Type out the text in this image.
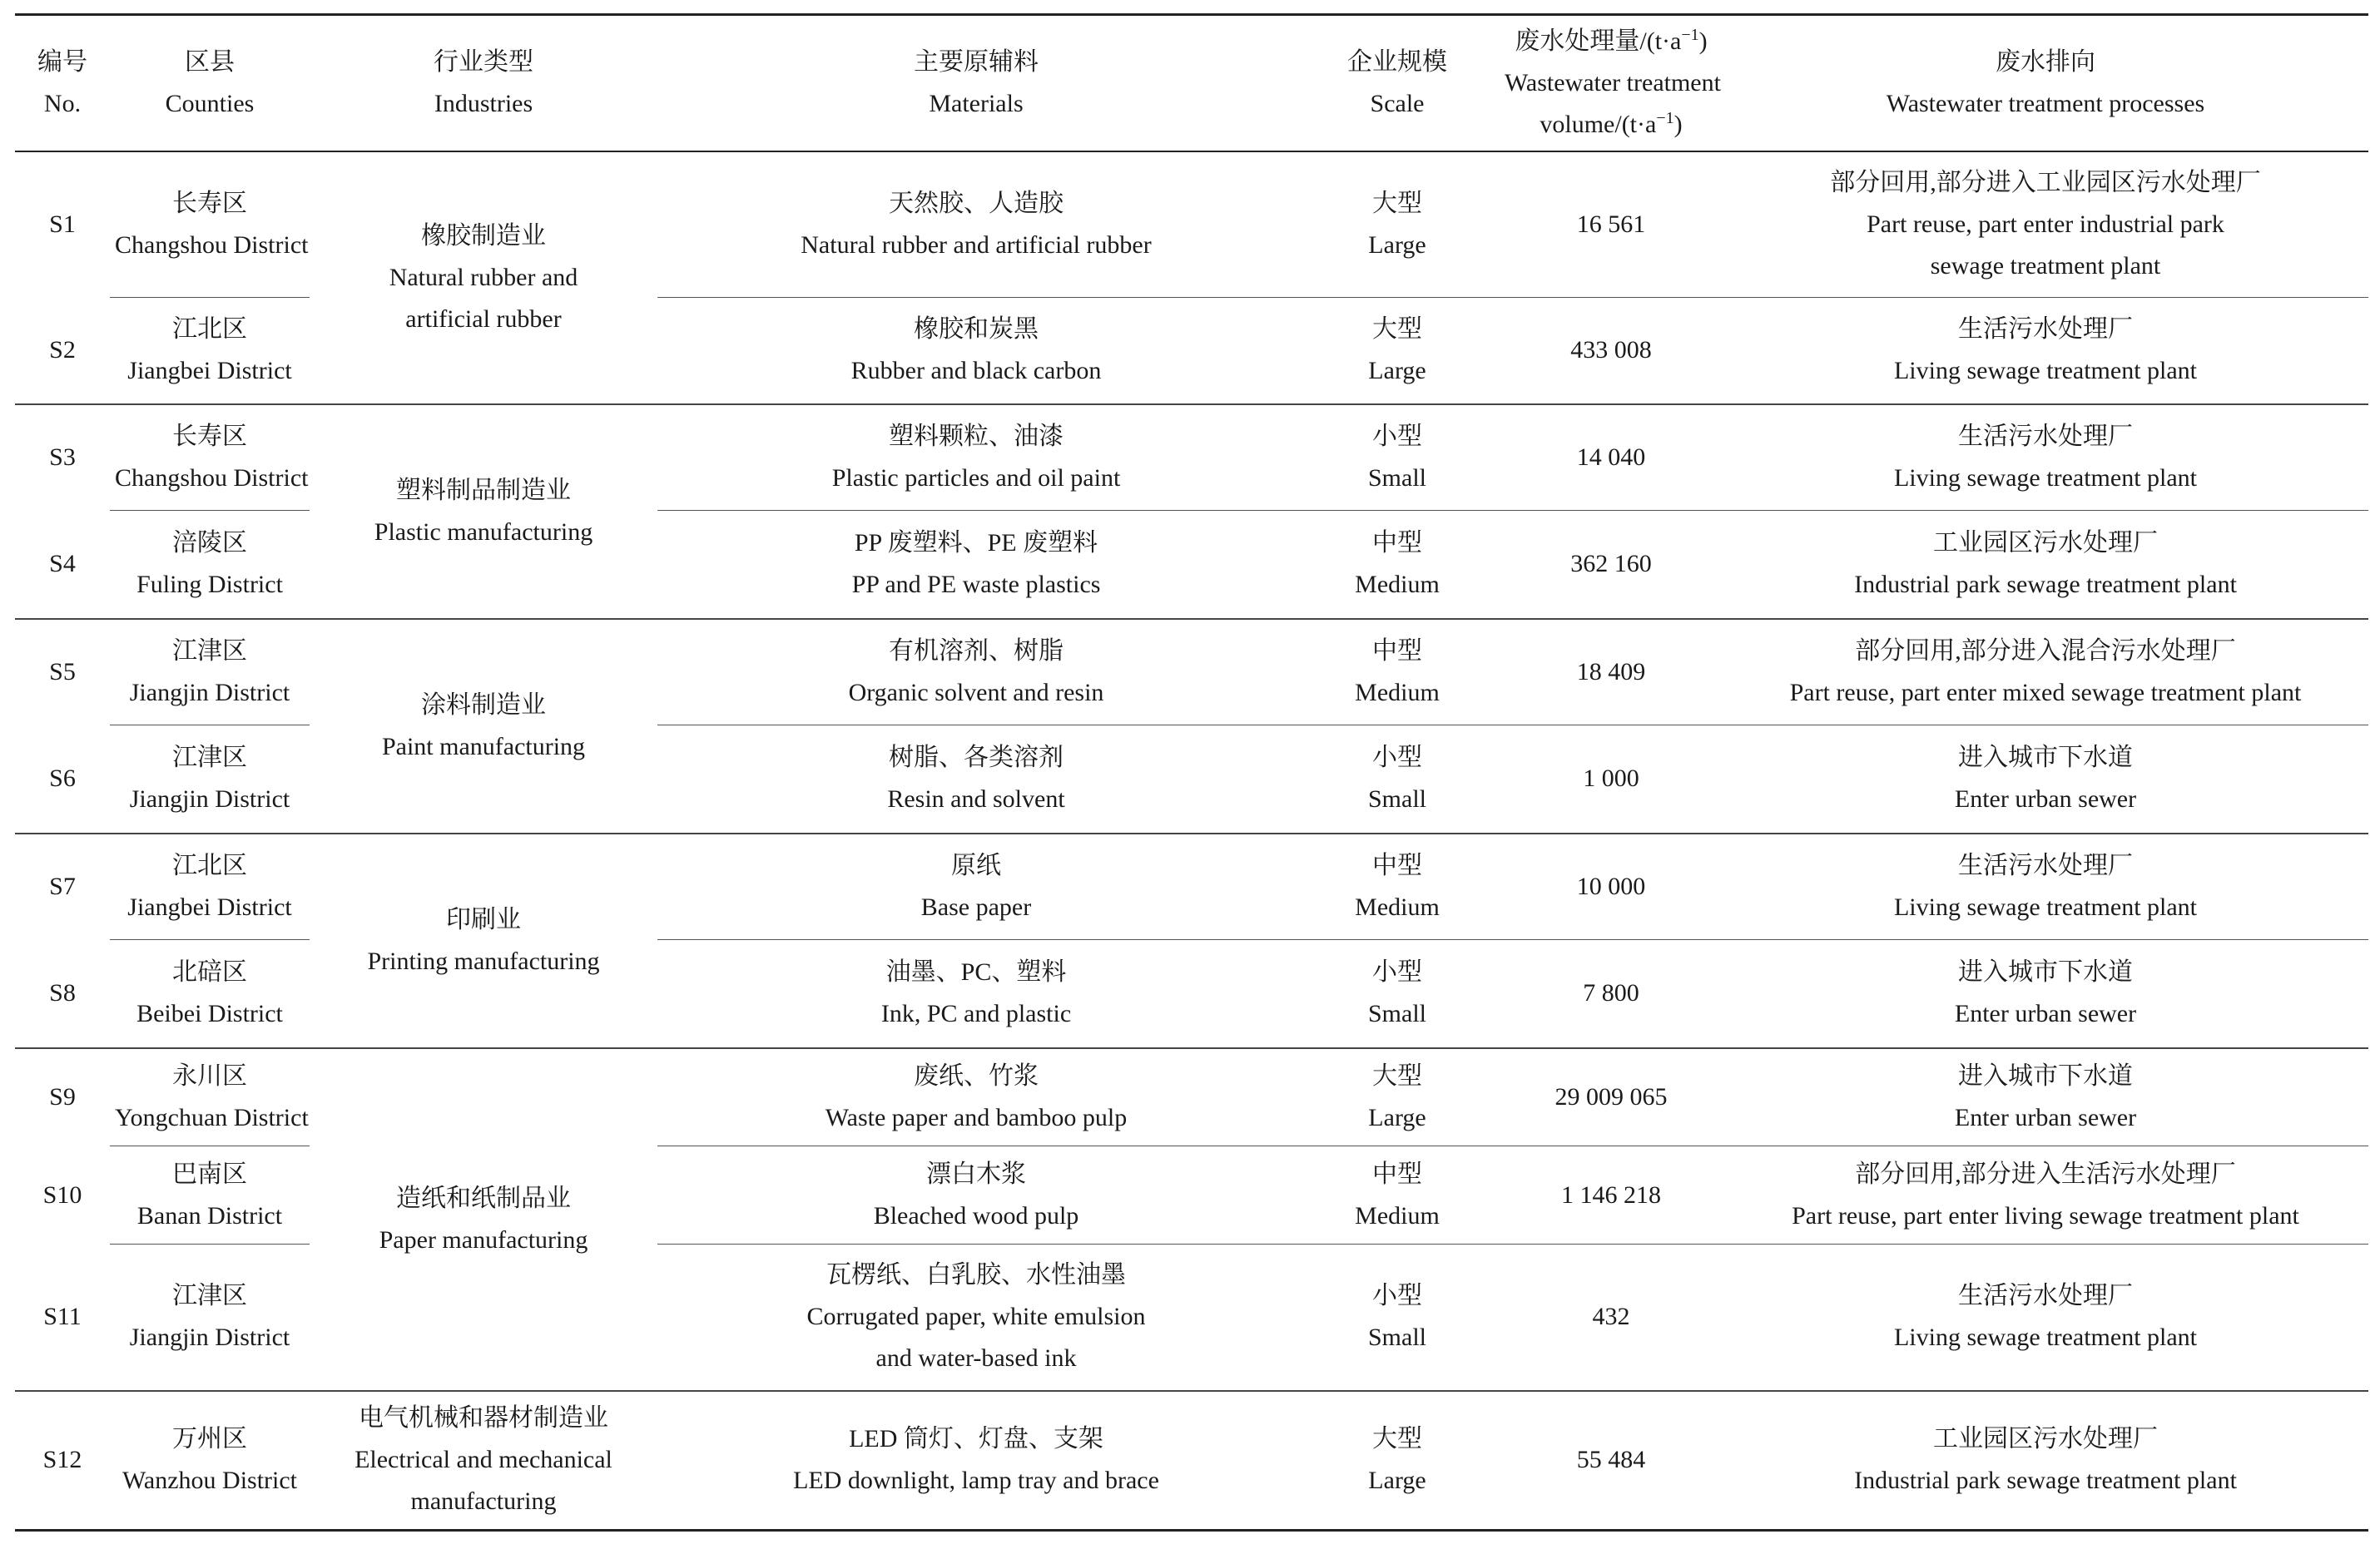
编号
No.	区县
Counties	行业类型
Industries	主要原辅料
Materials	企业规模
Scale	废水处理量$/(t\cdot a^{-1})$
Wastewater treatment
volume/$(t\cdot a^{-1})$	废水排向
Wastewater treatment processes

S1	长寿区
Changshou District	橡胶制造业
Natural rubber and
artificial rubber	天然胶、人造胶
Natural rubber and artificial rubber	大型
Large	16 561	部分回用,部分进入工业园区污水处理厂
Part reuse, part enter industrial park
sewage treatment plant

S2	江北区
Jiangbei District		橡胶和炭黑
Rubber and black carbon	大型
Large	433 008	生活污水处理厂
Living sewage treatment plant

S3	长寿区
Changshou District	塑料制品制造业
Plastic manufacturing	塑料颗粒、油漆
Plastic particles and oil paint	小型
Small	14 040	生活污水处理厂
Living sewage treatment plant

S4	涪陵区
Fuling District		PP 废塑料、PE 废塑料
PP and PE waste plastics	中型
Medium	362 160	工业园区污水处理厂
Industrial park sewage treatment plant

S5	江津区
Jiangjin District	涂料制造业
Paint manufacturing	有机溶剂、树脂
Organic solvent and resin	中型
Medium	18 409	部分回用,部分进入混合污水处理厂
Part reuse, part enter mixed sewage treatment plant

S6	江津区
Jiangjin District		树脂、各类溶剂
Resin and solvent	小型
Small	1 000	进入城市下水道
Enter urban sewer

S7	江北区
Jiangbei District	印刷业
Printing manufacturing	原纸
Base paper	中型
Medium	10 000	生活污水处理厂
Living sewage treatment plant

S8	北碚区
Beibei District		油墨、PC、塑料
Ink, PC and plastic	小型
Small	7 800	进入城市下水道
Enter urban sewer

S9	永川区
Yongchuan District	造纸和纸制品业
Paper manufacturing	废纸、竹浆
Waste paper and bamboo pulp	大型
Large	29 009 065	进入城市下水道
Enter urban sewer

S10	巴南区
Banan District		漂白木浆
Bleached wood pulp	中型
Medium	1 146 218	部分回用,部分进入生活污水处理厂
Part reuse, part enter living sewage treatment plant

S11	江津区
Jiangjin District		瓦楞纸、白乳胶、水性油墨
Corrugated paper, white emulsion
and water-based ink	小型
Small	432	生活污水处理厂
Living sewage treatment plant

S12	万州区
Wanzhou District	电气机械和器材制造业
Electrical and mechanical
manufacturing	LED 筒灯、灯盘、支架
LED downlight, lamp tray and brace	大型
Large	55 484	工业园区污水处理厂
Industrial park sewage treatment plant
